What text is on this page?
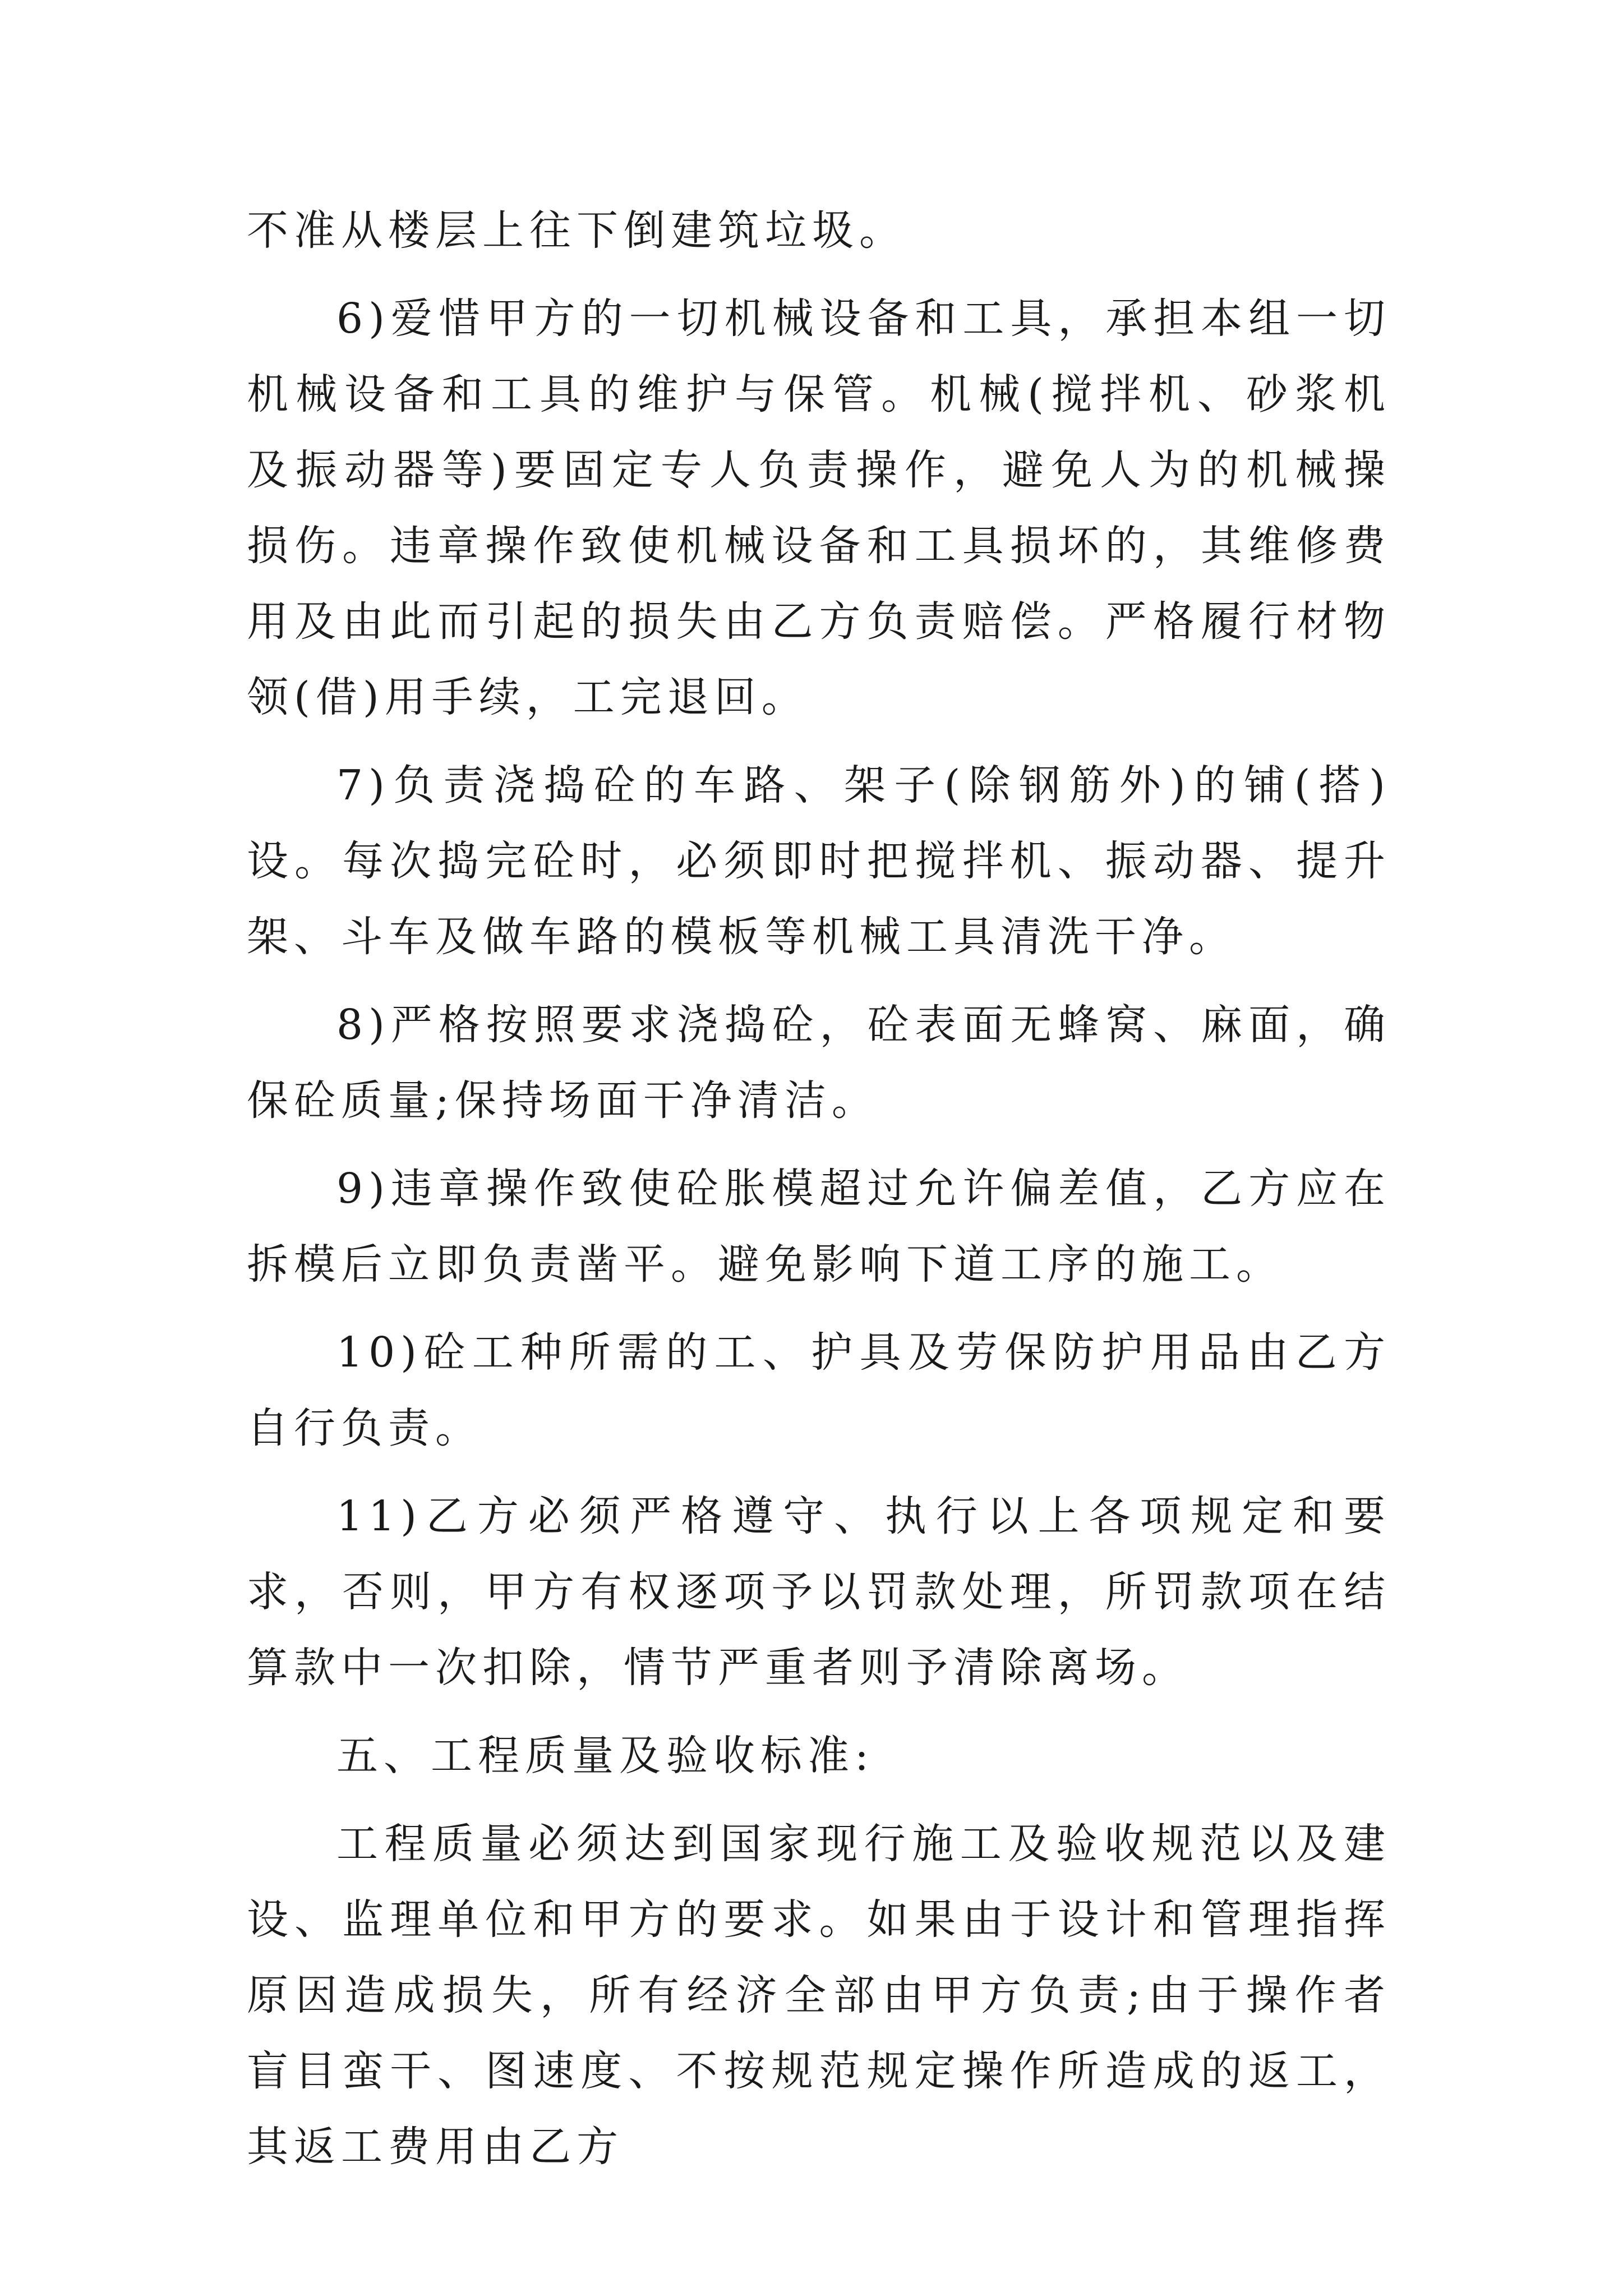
不准从楼层上往下倒建筑垃圾。

6)爱惜甲方的一切机械设备和工具，承担本组一切机械设备和工具的维护与保管。机械(搅拌机、砂浆机及振动器等)要固定专人负责操作，避免人为的机械操损伤。违章操作致使机械设备和工具损坏的，其维修费用及由此而引起的损失由乙方负责赔偿。严格履行材物领(借)用手续，工完退回。

7)负责浇捣砼的车路、架子(除钢筋外)的铺(搭)设。每次捣完砼时，必须即时把搅拌机、振动器、提升架、斗车及做车路的模板等机械工具清洗干净。

8)严格按照要求浇捣砼，砼表面无蜂窝、麻面，确保砼质量;保持场面干净清洁。

9)违章操作致使砼胀模超过允许偏差值，乙方应在拆模后立即负责凿平。避免影响下道工序的施工。

10)砼工种所需的工、护具及劳保防护用品由乙方自行负责。

11)乙方必须严格遵守、执行以上各项规定和要求，否则，甲方有权逐项予以罚款处理，所罚款项在结算款中一次扣除，情节严重者则予清除离场。

五、工程质量及验收标准:

工程质量必须达到国家现行施工及验收规范以及建设、监理单位和甲方的要求。如果由于设计和管理指挥原因造成损失，所有经济全部由甲方负责;由于操作者盲目蛮干、图速度、不按规范规定操作所造成的返工，其返工费用由乙方
